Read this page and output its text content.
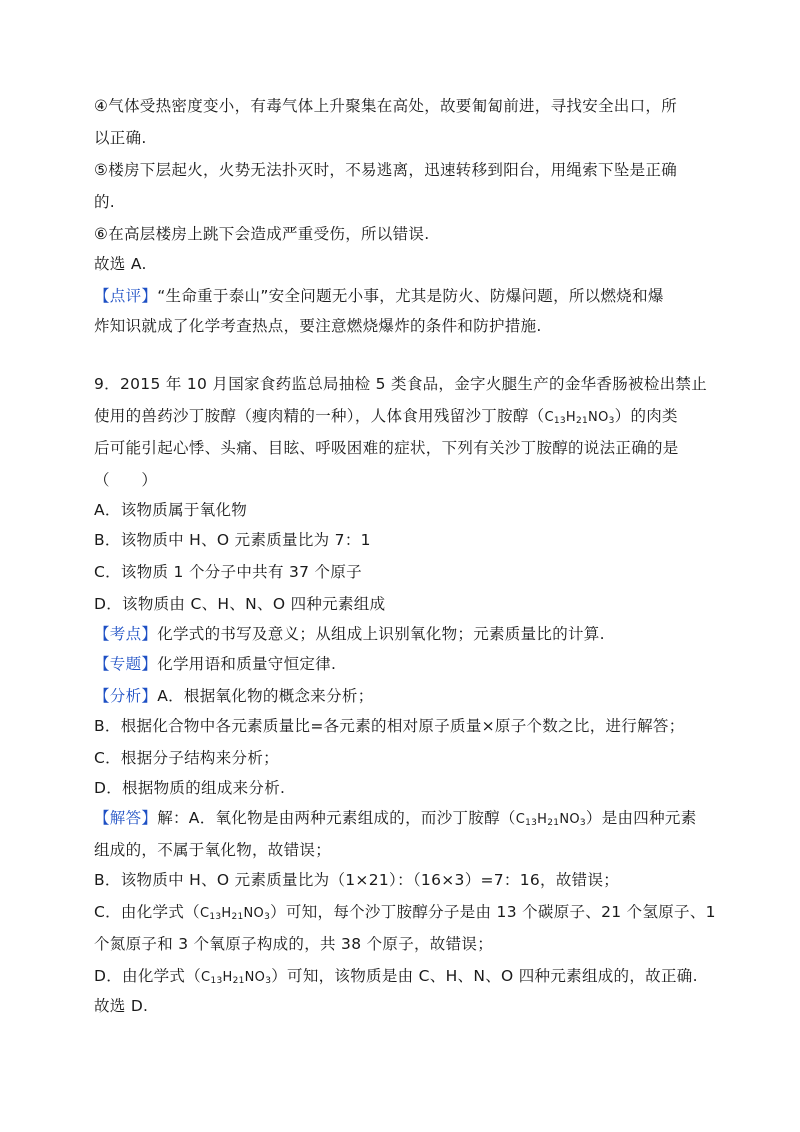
④气体受热密度变小，有毒气体上升聚集在高处，故要匍匐前进，寻找安全出口，所
以正确.
⑤楼房下层起火，火势无法扑灭时，不易逃离，迅速转移到阳台，用绳索下坠是正确
的.
⑥在高层楼房上跳下会造成严重受伤，所以错误.
故选 A.
【点评】“生命重于泰山”安全问题无小事，尤其是防火、防爆问题，所以燃烧和爆
炸知识就成了化学考查热点，要注意燃烧爆炸的条件和防护措施.
9．2015 年 10 月国家食药监总局抽检 5 类食品，金字火腿生产的金华香肠被检出禁止
使用的兽药沙丁胺醇（瘦肉精的一种），人体食用残留沙丁胺醇$(C_{13}H_{21}NO_3)$的肉类
后可能引起心悸、头痛、目眩、呼吸困难的症状，下列有关沙丁胺醇的说法正确的是
（　　）
A．该物质属于氧化物
B．该物质中 H、O 元素质量比为 7：1
C．该物质 1 个分子中共有 37 个原子
D．该物质由 C、H、N、O 四种元素组成
【考点】化学式的书写及意义；从组成上识别氧化物；元素质量比的计算.
【专题】化学用语和质量守恒定律.
【分析】A．根据氧化物的概念来分析；
B．根据化合物中各元素质量比=各元素的相对原子质量×原子个数之比，进行解答；
C．根据分子结构来分析；
D．根据物质的组成来分析.
【解答】解：A．氧化物是由两种元素组成的，而沙丁胺醇$(C_{13}H_{21}NO_3)$是由四种元素
组成的，不属于氧化物，故错误；
B．该物质中 H、O 元素质量比为（1×21）：（16×3）=7：16，故错误；
C．由化学式$(C_{13}H_{21}NO_3)$可知，每个沙丁胺醇分子是由 13 个碳原子、21 个氢原子、1
个氮原子和 3 个氧原子构成的，共 38 个原子，故错误；
D．由化学式$(C_{13}H_{21}NO_3)$可知，该物质是由 C、H、N、O 四种元素组成的，故正确.
故选 D.
